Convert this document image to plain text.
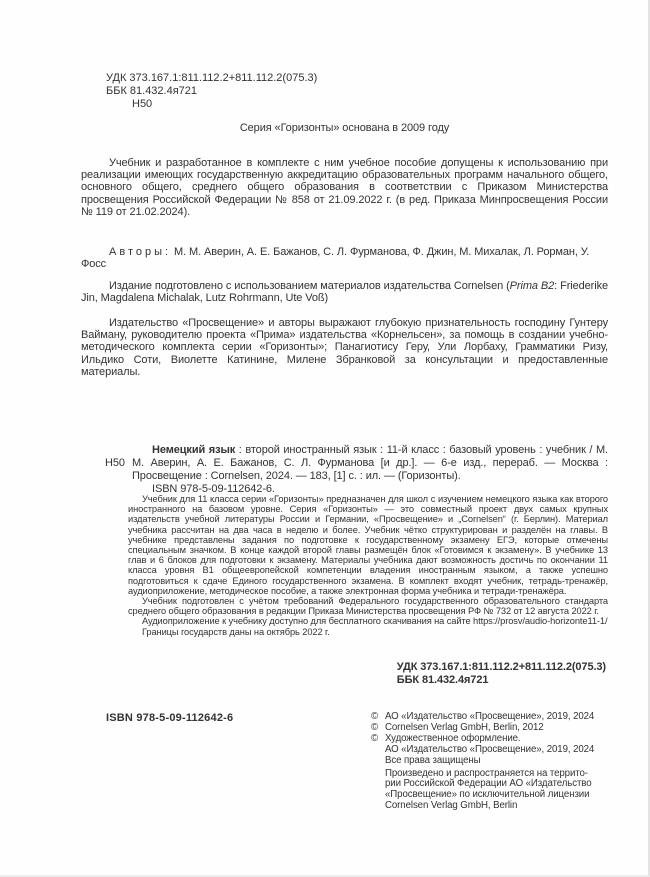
УДК 373.167.1:811.112.2+811.112.2(075.3)
ББК 81.432.4я721
Н50
Серия «Горизонты» основана в 2009 году
Учебник и разработанное в комплекте с ним учебное пособие допущены к использованию при реализации имеющих государственную аккредитацию образовательных программ начального общего, основного общего, среднего общего образования в соответствии с Приказом Министерства просвещения Российской Федерации № 858 от 21.09.2022 г. (в ред. Приказа Минпросвещения России № 119 от 21.02.2024).
Авторы: М. М. Аверин, А. Е. Бажанов, С. Л. Фурманова, Ф. Джин, М. Михалак, Л. Рорман, У. Фосс
Издание подготовлено с использованием материалов издательства Cornelsen (Prima B2: Friederike Jin, Magdalena Michalak, Lutz Rohrmann, Ute Voß)
Издательство «Просвещение» и авторы выражают глубокую признательность господину Гунтеру Вайману, руководителю проекта «Прима» издательства «Корнельсен», за помощь в создании учебно-методического комплекта серии «Горизонты»; Панагиотису Геру, Ули Лорбаху, Грамматики Ризу, Ильдико Соти, Виолетте Катинине, Милене Збранковой за консультации и предоставленные материалы.
Н50
Немецкий язык : второй иностранный язык : 11-й класс : базовый уровень : учебник / М. М. Аверин, А. Е. Бажанов, С. Л. Фурманова [и др.]. — 6-е изд., перераб. — Москва : Просвещение : Cornelsen, 2024. — 183, [1] с. : ил. — (Горизонты).
ISBN 978-5-09-112642-6.

Учебник для 11 класса серии «Горизонты» предназначен для школ с изучением немецкого языка как второго иностранного на базовом уровне. Серия «Горизонты» — это совместный проект двух самых крупных издательств учебной литературы России и Германии, «Просвещение» и „Cornelsen“ (г. Берлин). Материал учебника рассчитан на два часа в неделю и более. Учебник чётко структурирован и разделён на главы. В учебнике представлены задания по подготовке к государственному экзамену ЕГЭ, которые отмечены специальным значком. В конце каждой второй главы размещён блок «Готовимся к экзамену». В учебнике 13 глав и 6 блоков для подготовки к экзамену. Материалы учебника дают возможность достичь по окончании 11 класса уровня В1 общеевропейской компетенции владения иностранным языком, а также успешно подготовиться к сдаче Единого государственного экзамена. В комплект входят учебник, тетрадь-тренажёр, аудиоприложение, методическое пособие, а также электронная форма учебника и тетради-тренажёра.

Учебник подготовлен с учётом требований Федерального государственного образовательного стандарта среднего общего образования в редакции Приказа Министерства просвещения РФ № 732 от 12 августа 2022 г.

Аудиоприложение к учебнику доступно для бесплатного скачивания на сайте https://prosv/audio-horizonte11-1/

Границы государств даны на октябрь 2022 г.

УДК 373.167.1:811.112.2+811.112.2(075.3)
ББК 81.432.4я721
ISBN 978-5-09-112642-6	© АО «Издательство «Просвещение», 2019, 2024
© Cornelsen Verlag GmbH, Berlin, 2012
© Художественное оформление.
АО «Издательство «Просвещение», 2019, 2024
Все права защищены
Произведено и распространяется на террито-
рии Российской Федерации АО «Издательство
«Просвещение» по исключительной лицензии
Cornelsen Verlag GmbH, Berlin
